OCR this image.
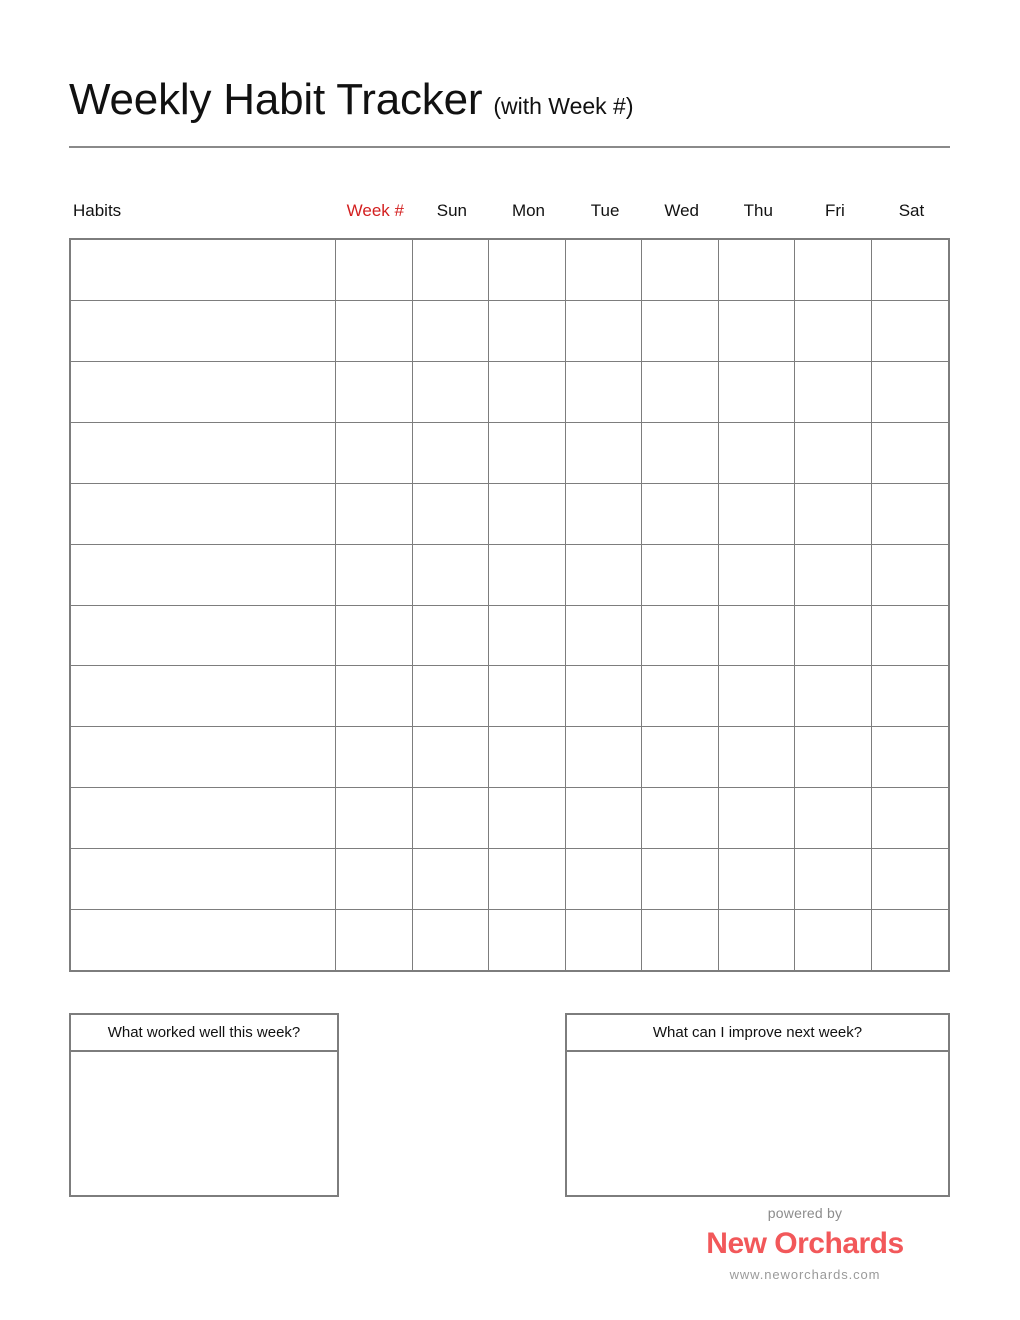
Weekly Habit Tracker (with Week #)
Habits	Week #	Sun	Mon	Tue	Wed	Thu	Fri	Sat
What worked well this week?	What can I improve next week?
powered by
New Orchards
www.neworchards.com
